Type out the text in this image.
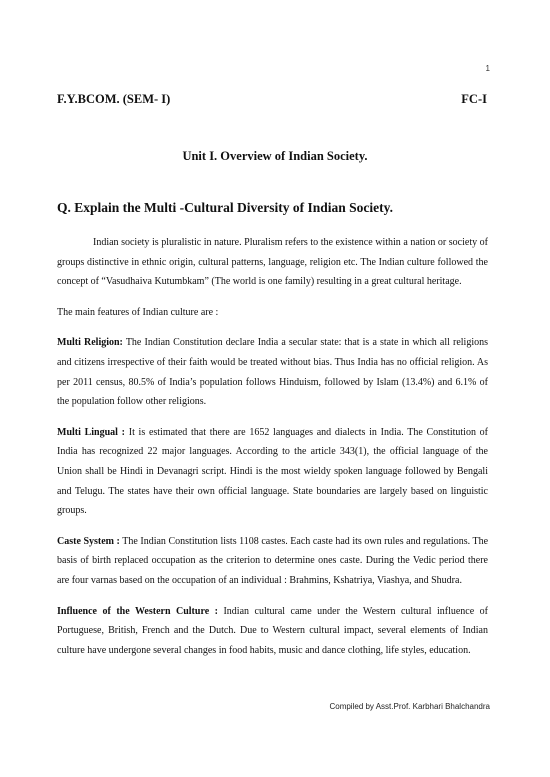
1
F.Y.BCOM. (SEM- I)	FC-I
Unit I. Overview of Indian Society.
Q. Explain the Multi -Cultural Diversity of Indian Society.

Indian society is pluralistic in nature. Pluralism refers to the existence within a nation or society of groups distinctive in ethnic origin, cultural patterns, language, religion etc. The Indian culture followed the concept of “Vasudhaiva Kutumbkam” (The world is one family) resulting in a great cultural heritage.

The main features of Indian culture are :

Multi Religion: The Indian Constitution declare India a secular state: that is a state in which all religions and citizens irrespective of their faith would be treated without bias. Thus India has no official religion. As per 2011 census, 80.5% of India’s population follows Hinduism, followed by Islam (13.4%) and 6.1% of the population follow other religions.

Multi Lingual : It is estimated that there are 1652 languages and dialects in India. The Constitution of India has recognized 22 major languages. According to the article 343(1), the official language of the Union shall be Hindi in Devanagri script. Hindi is the most wieldy spoken language followed by Bengali and Telugu. The states have their own official language. State boundaries are largely based on linguistic groups.

Caste System : The Indian Constitution lists 1108 castes. Each caste had its own rules and regulations. The basis of birth replaced occupation as the criterion to determine ones caste. During the Vedic period there are four varnas based on the occupation of an individual : Brahmins, Kshatriya, Viashya, and Shudra.

Influence of the Western Culture : Indian cultural came under the Western cultural influence of Portuguese, British, French and the Dutch. Due to Western cultural impact, several elements of Indian culture have undergone several changes in food habits, music and dance clothing, life styles, education.

Compiled by Asst.Prof. Karbhari Bhalchandra
